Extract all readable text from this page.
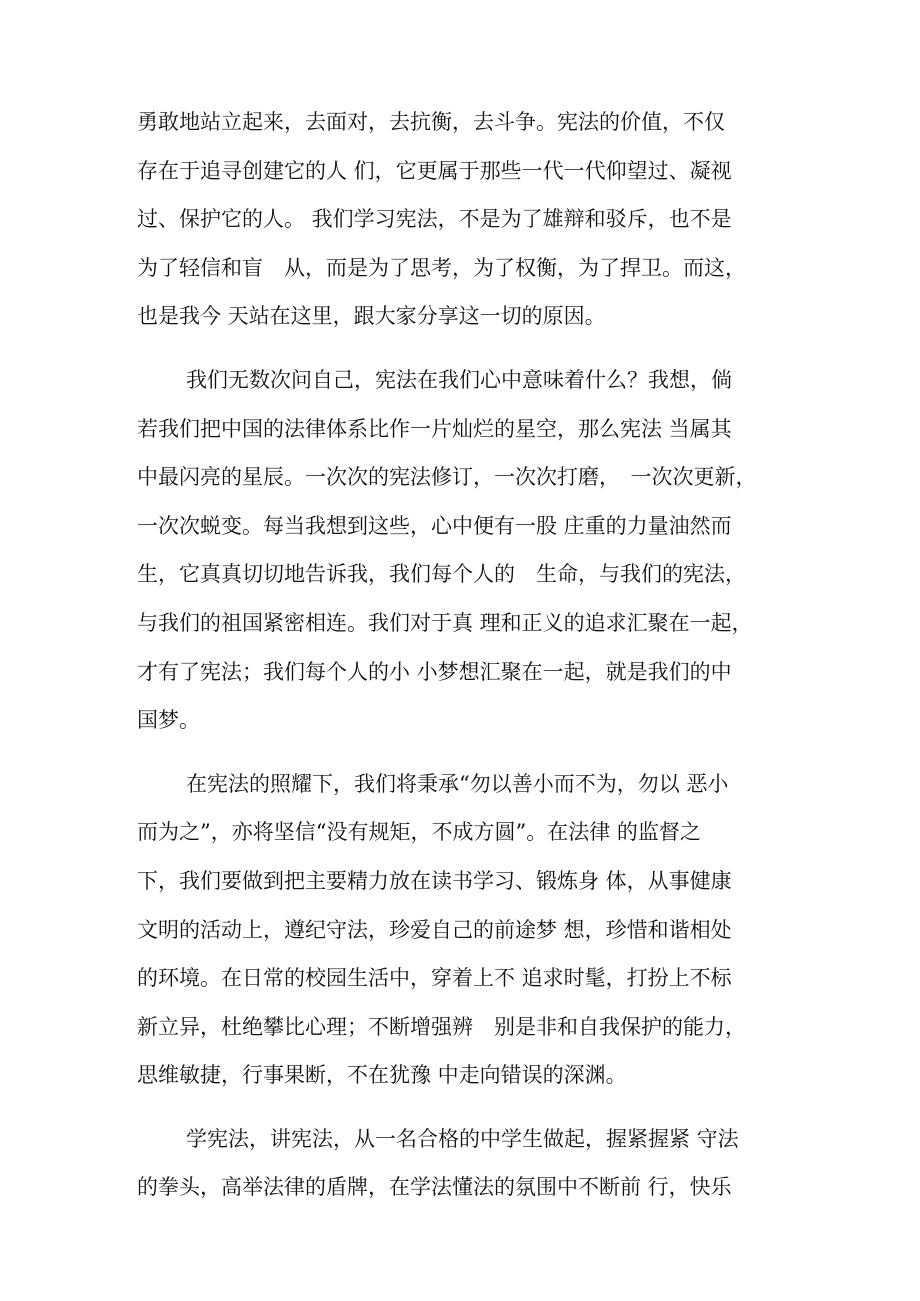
勇敢地站立起来，去面对，去抗衡，去斗争。宪法的价值，不仅
存在于追寻创建它的人 们，它更属于那些一代一代仰望过、凝视
过、保护它的人。 我们学习宪法，不是为了雄辩和驳斥，也不是
为了轻信和盲　从，而是为了思考，为了权衡，为了捍卫。而这，
也是我今 天站在这里，跟大家分享这一切的原因。
我们无数次问自己，宪法在我们心中意味着什么？我想，倘
若我们把中国的法律体系比作一片灿烂的星空，那么宪法 当属其
中最闪亮的星辰。一次次的宪法修订，一次次打磨，　一次次更新，
一次次蜕变。每当我想到这些，心中便有一股 庄重的力量油然而
生，它真真切切地告诉我，我们每个人的　生命，与我们的宪法，
与我们的祖国紧密相连。我们对于真 理和正义的追求汇聚在一起，
才有了宪法；我们每个人的小 小梦想汇聚在一起，就是我们的中
国梦。
在宪法的照耀下，我们将秉承“勿以善小而不为，勿以 恶小
而为之”，亦将坚信“没有规矩，不成方圆”。在法律 的监督之
下，我们要做到把主要精力放在读书学习、锻炼身 体，从事健康
文明的活动上，遵纪守法，珍爱自己的前途梦 想，珍惜和谐相处
的环境。在日常的校园生活中，穿着上不 追求时髦，打扮上不标
新立异，杜绝攀比心理；不断增强辨　别是非和自我保护的能力，
思维敏捷，行事果断，不在犹豫 中走向错误的深渊。
学宪法，讲宪法，从一名合格的中学生做起，握紧握紧 守法
的拳头，高举法律的盾牌，在学法懂法的氛围中不断前 行，快乐
